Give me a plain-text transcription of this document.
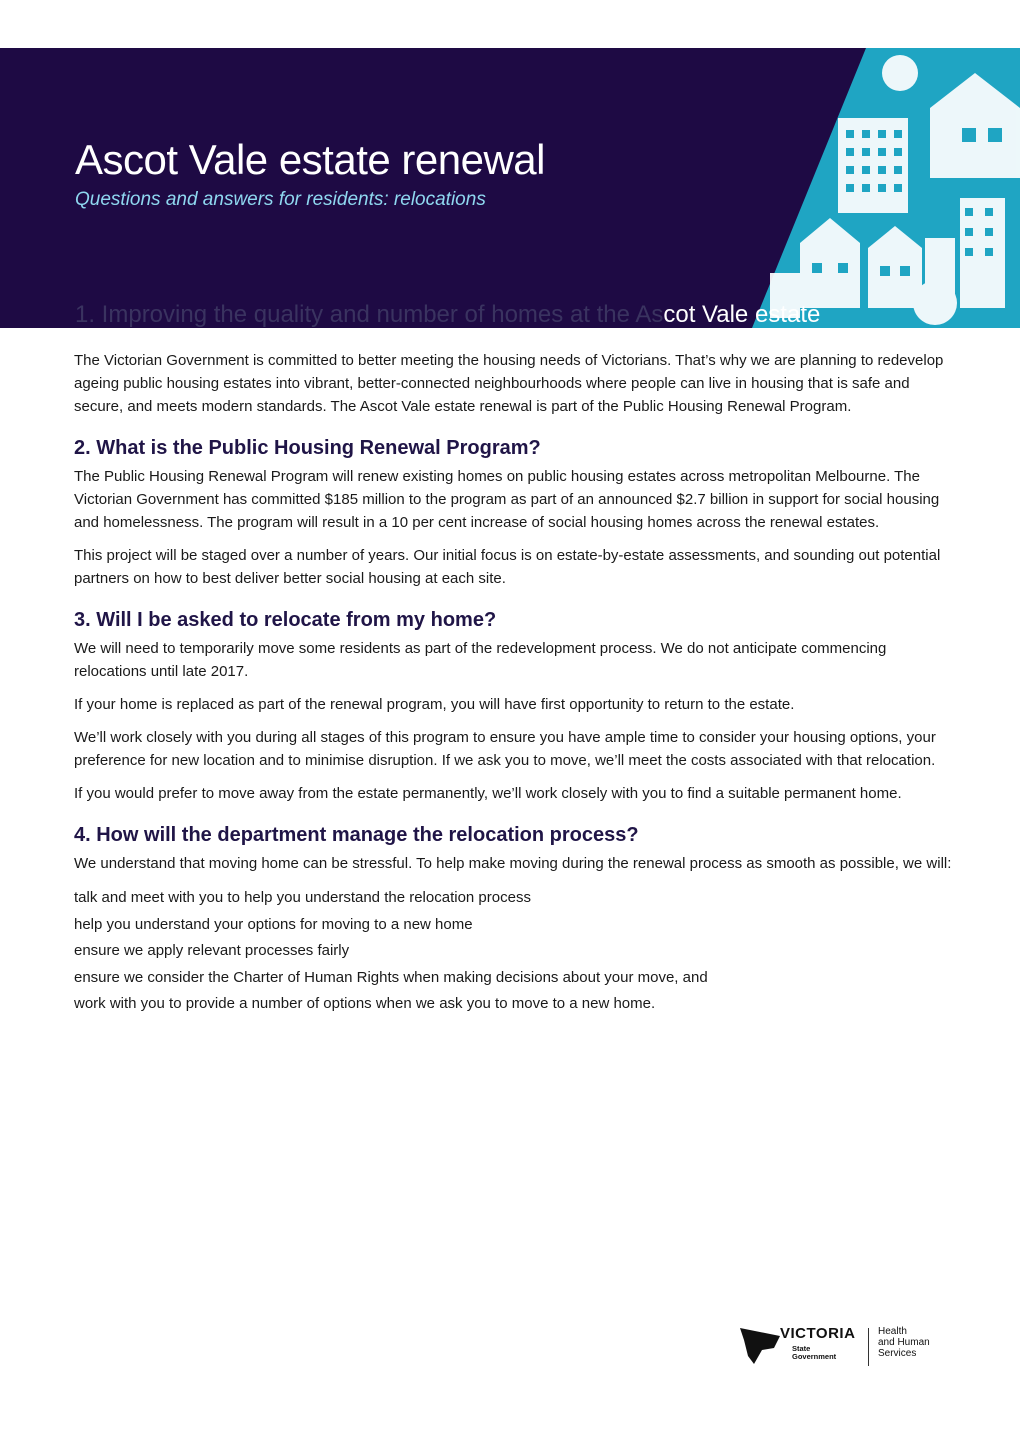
Ascot Vale estate renewal

Questions and answers for residents: relocations

1. Improving the quality and number of homes at the Ascot Vale estate

The Victorian Government is committed to better meeting the housing needs of Victorians. That’s why we are planning to redevelop ageing public housing estates into vibrant, better-connected neighbourhoods where people can live in housing that is safe and secure, and meets modern standards. The Ascot Vale estate renewal is part of the Public Housing Renewal Program.

2. What is the Public Housing Renewal Program?

The Public Housing Renewal Program will renew existing homes on public housing estates across metropolitan Melbourne. The Victorian Government has committed $185 million to the program as part of an announced $2.7 billion in support for social housing and homelessness. The program will result in a 10 per cent increase of social housing homes across the renewal estates.

This project will be staged over a number of years. Our initial focus is on estate-by-estate assessments, and sounding out potential partners on how to best deliver better social housing at each site.

3. Will I be asked to relocate from my home?

We will need to temporarily move some residents as part of the redevelopment process. We do not anticipate commencing relocations until late 2017.

If your home is replaced as part of the renewal program, you will have first opportunity to return to the estate.

We’ll work closely with you during all stages of this program to ensure you have ample time to consider your housing options, your preference for new location and to minimise disruption. If we ask you to move, we’ll meet the costs associated with that relocation.

If you would prefer to move away from the estate permanently, we’ll work closely with you to find a suitable permanent home.

4. How will the department manage the relocation process?

We understand that moving home can be stressful. To help make moving during the renewal process as smooth as possible, we will:

talk and meet with you to help you understand the relocation process
help you understand your options for moving to a new home
ensure we apply relevant processes fairly
ensure we consider the Charter of Human Rights when making decisions about your move, and
work with you to provide a number of options when we ask you to move to a new home.
VICTORIA
State
Government
Health
and Human
Services
